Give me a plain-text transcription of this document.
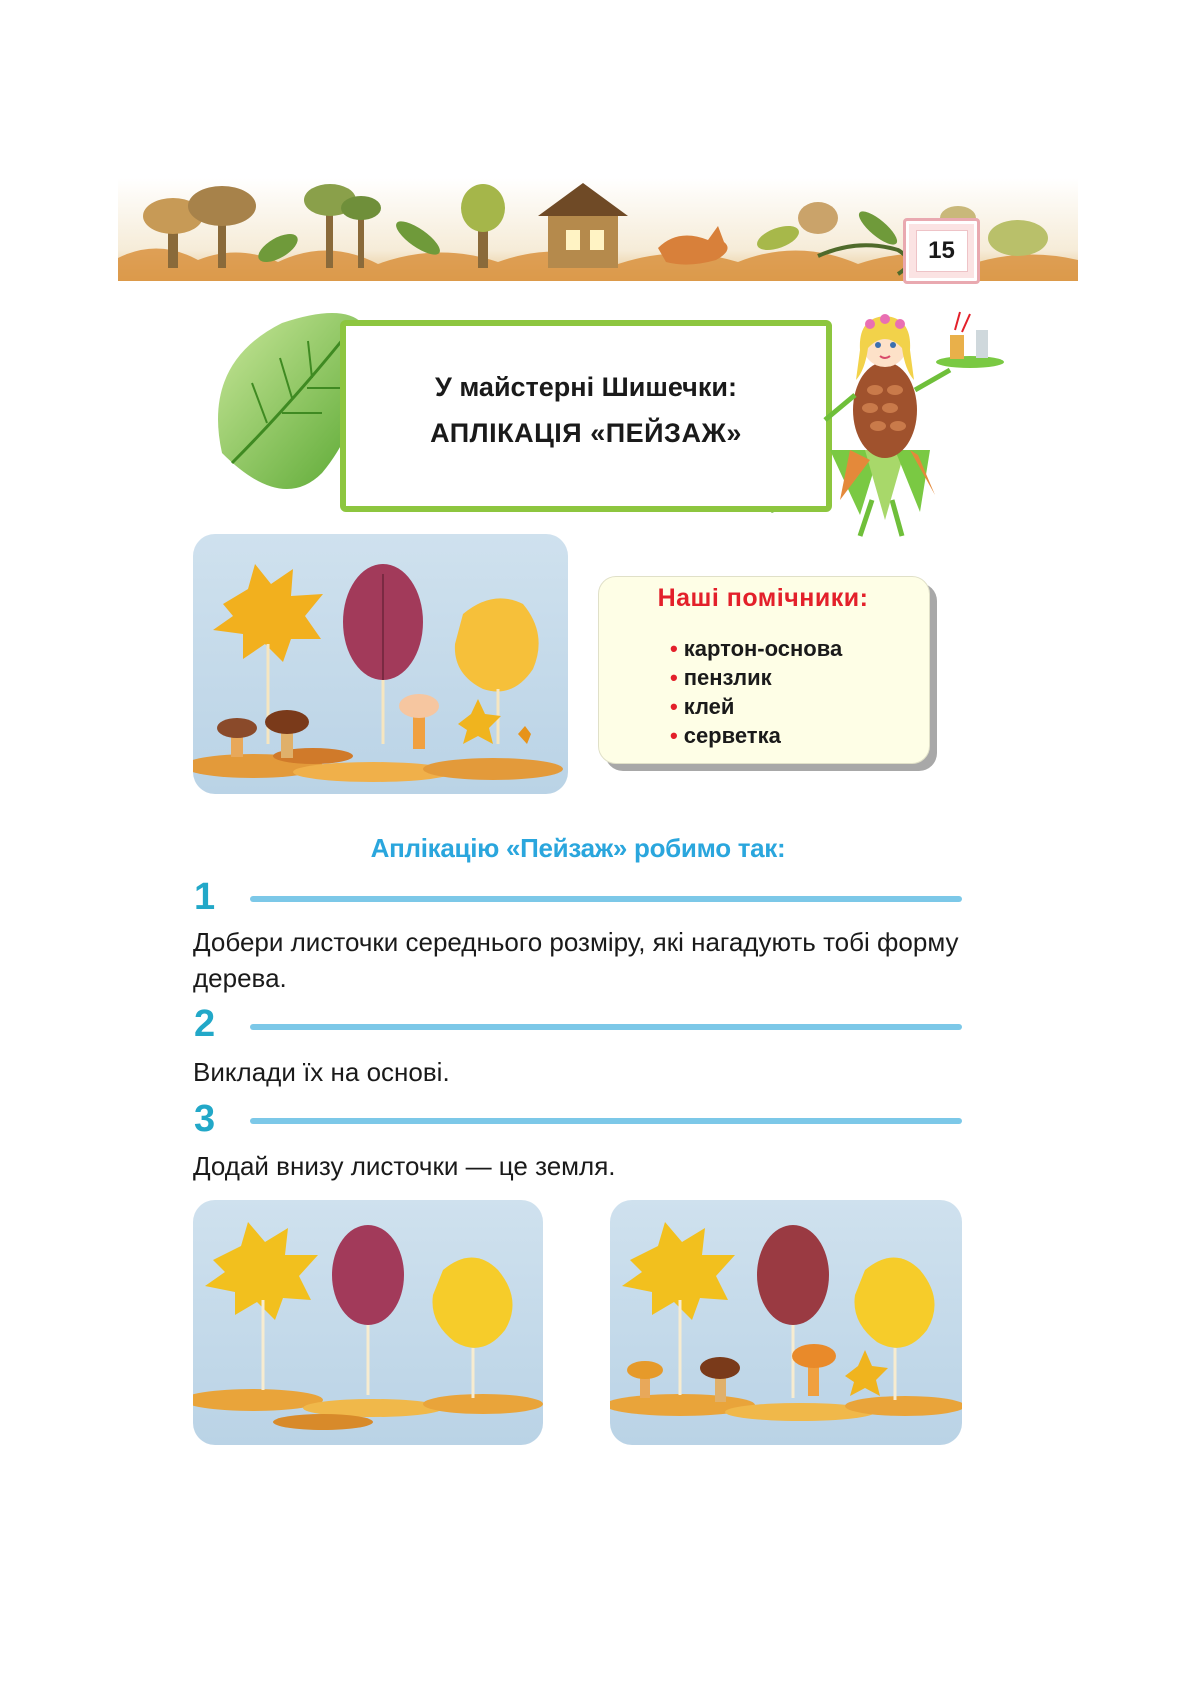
15
У майстерні Шишечки:
АПЛІКАЦІЯ «ПЕЙЗАЖ»
Наші помічники:
• картон-основа
• пензлик
• клей
• серветка
Аплікацію «Пейзаж» робимо так:
1
Добери листочки середнього розміру, які нагадують тобі форму дерева.
2
Виклади їх на основі.
3
Додай внизу листочки — це земля.
